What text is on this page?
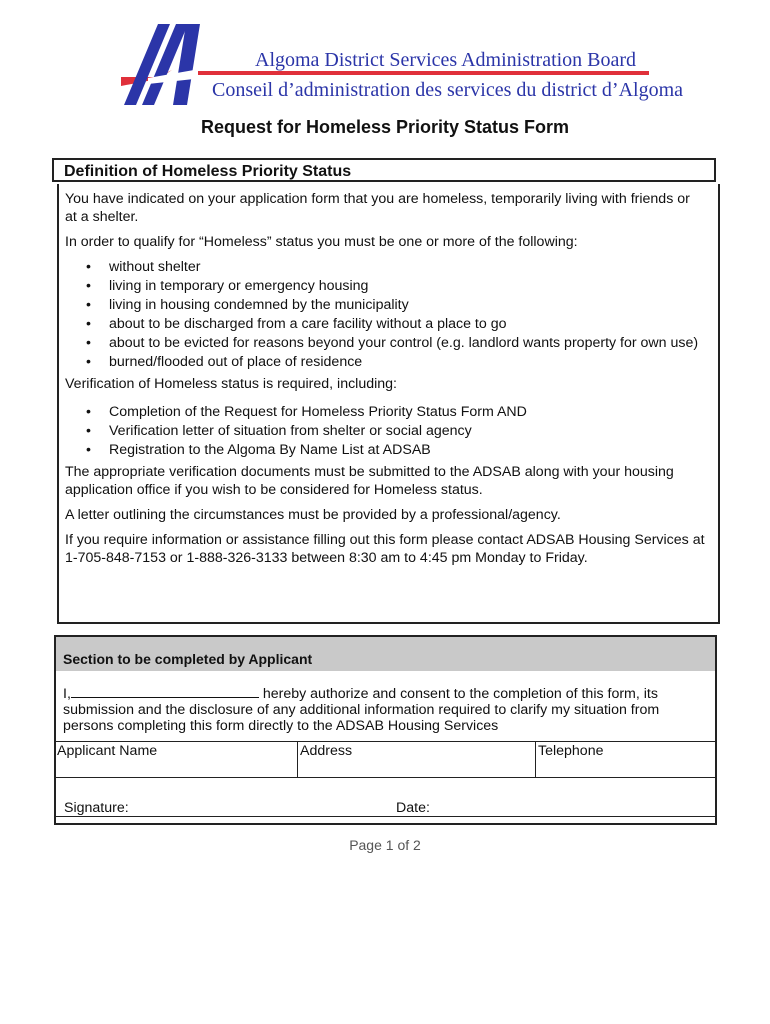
Algoma District Services Administration Board
Conseil d’administration des services du district d’Algoma
Request for Homeless Priority Status Form
Definition of Homeless Priority Status

You have indicated on your application form that you are homeless, temporarily living with friends or at a shelter.

In order to qualify for “Homeless” status you must be one or more of the following:

• without shelter
• living in temporary or emergency housing
• living in housing condemned by the municipality
• about to be discharged from a care facility without a place to go
• about to be evicted for reasons beyond your control (e.g. landlord wants property for own use)
• burned/flooded out of place of residence

Verification of Homeless status is required, including:

• Completion of the Request for Homeless Priority Status Form AND
• Verification letter of situation from shelter or social agency
• Registration to the Algoma By Name List at ADSAB

The appropriate verification documents must be submitted to the ADSAB along with your housing application office if you wish to be considered for Homeless status.

A letter outlining the circumstances must be provided by a professional/agency.

If you require information or assistance filling out this form please contact ADSAB Housing Services at 1-705-848-7153 or 1-888-326-3133 between 8:30 am to 4:45 pm Monday to Friday.

Section to be completed by Applicant
I,	hereby authorize and consent to the completion of this form, its submission and the disclosure of any additional information required to clarify my situation from persons completing this form directly to the ADSAB Housing Services
Applicant Name	Address	Telephone
Signature:	Date:
Page 1 of 2
